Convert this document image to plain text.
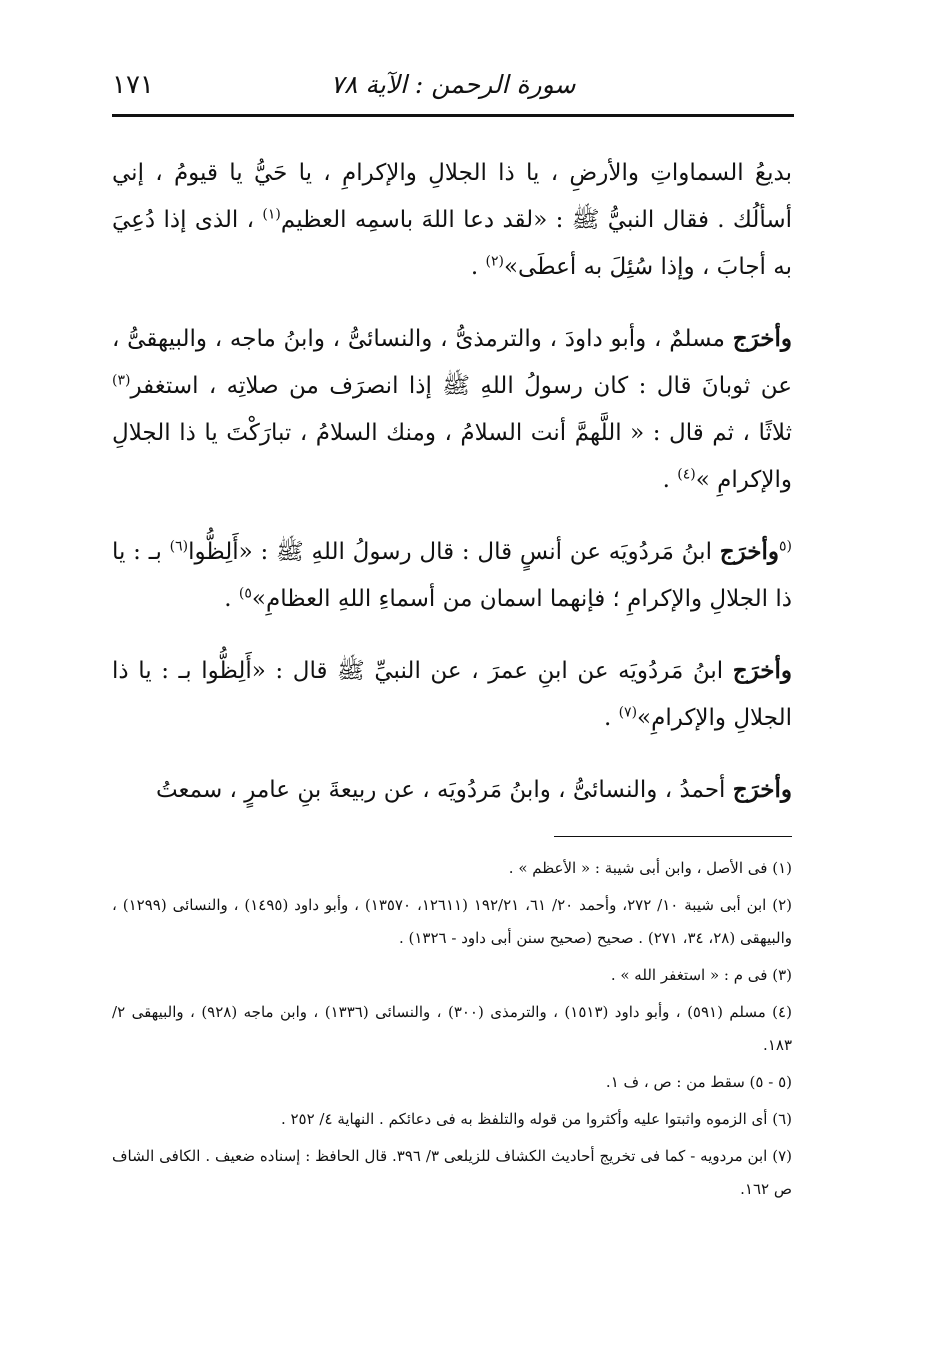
سورة الرحمن : الآية ٧٨
١٧١

بديعُ السماواتِ والأرضِ ، يا ذا الجلالِ والإكرامِ ، يا حَيُّ يا قيومُ ، إني أسألُك . فقال النبيُّ ﷺ : «لقد دعا اللهَ باسمِه العظيم$^{(١)}$ ، الذى إذا دُعِيَ به أجابَ ، وإذا سُئِلَ به أعطَى»$^{(٢)}$ .

وأخرَج مسلمٌ ، وأبو داودَ ، والترمذىُّ ، والنسائىُّ ، وابنُ ماجه ، والبيهقىُّ ، عن ثوبانَ قال : كان رسولُ اللهِ ﷺ إذا انصرَف من صلاتِه ، استغفر$^{(٣)}$ ثلاثًا ، ثم قال : « اللَّهمَّ أنت السلامُ ، ومنك السلامُ ، تبارَكْتَ يا ذا الجلالِ والإكرامِ »$^{(٤)}$ .

$^{(٥}$وأخرَج ابنُ مَردُويَه عن أنسٍ قال : قال رسولُ اللهِ ﷺ : «أَلِظُّوا$^{(٦)}$ بـ : يا ذا الجلالِ والإكرامِ ؛ فإنهما اسمان من أسماءِ اللهِ العظامِ»$^{٥)}$ .

وأخرَج ابنُ مَردُويَه عن ابنِ عمرَ ، عن النبيِّ ﷺ قال : «أَلِظُّوا بـ : يا ذا الجلالِ والإكرامِ»$^{(٧)}$ .

وأخرَج أحمدُ ، والنسائىُّ ، وابنُ مَردُويَه ، عن ربيعةَ بنِ عامرٍ ، سمعتُ

(١) فى الأصل ، وابن أبى شيبة : « الأعظم » .

(٢) ابن أبى شيبة ١٠/ ٢٧٢، وأحمد ٢٠/ ٦١، ١٩٢/٢١ (١٢٦١١، ١٣٥٧٠) ، وأبو داود (١٤٩٥) ، والنسائى (١٢٩٩) ، والبيهقى (٢٨، ٣٤، ٢٧١) . صحيح (صحيح سنن أبى داود - ١٣٢٦) .

(٣) فى م : « استغفر الله » .

(٤) مسلم (٥٩١) ، وأبو داود (١٥١٣) ، والترمذى (٣٠٠) ، والنسائى (١٣٣٦) ، وابن ماجه (٩٢٨) ، والبيهقى ٢/ ١٨٣.

(٥ - ٥) سقط من : ص ، ف ١.

(٦) أى الزموه واثبتوا عليه وأكثروا من قوله والتلفظ به فى دعائكم . النهاية ٤/ ٢٥٢ .

(٧) ابن مردويه - كما فى تخريج أحاديث الكشاف للزيلعى ٣/ ٣٩٦. قال الحافظ : إسناده ضعيف . الكافى الشاف ص ١٦٢.
